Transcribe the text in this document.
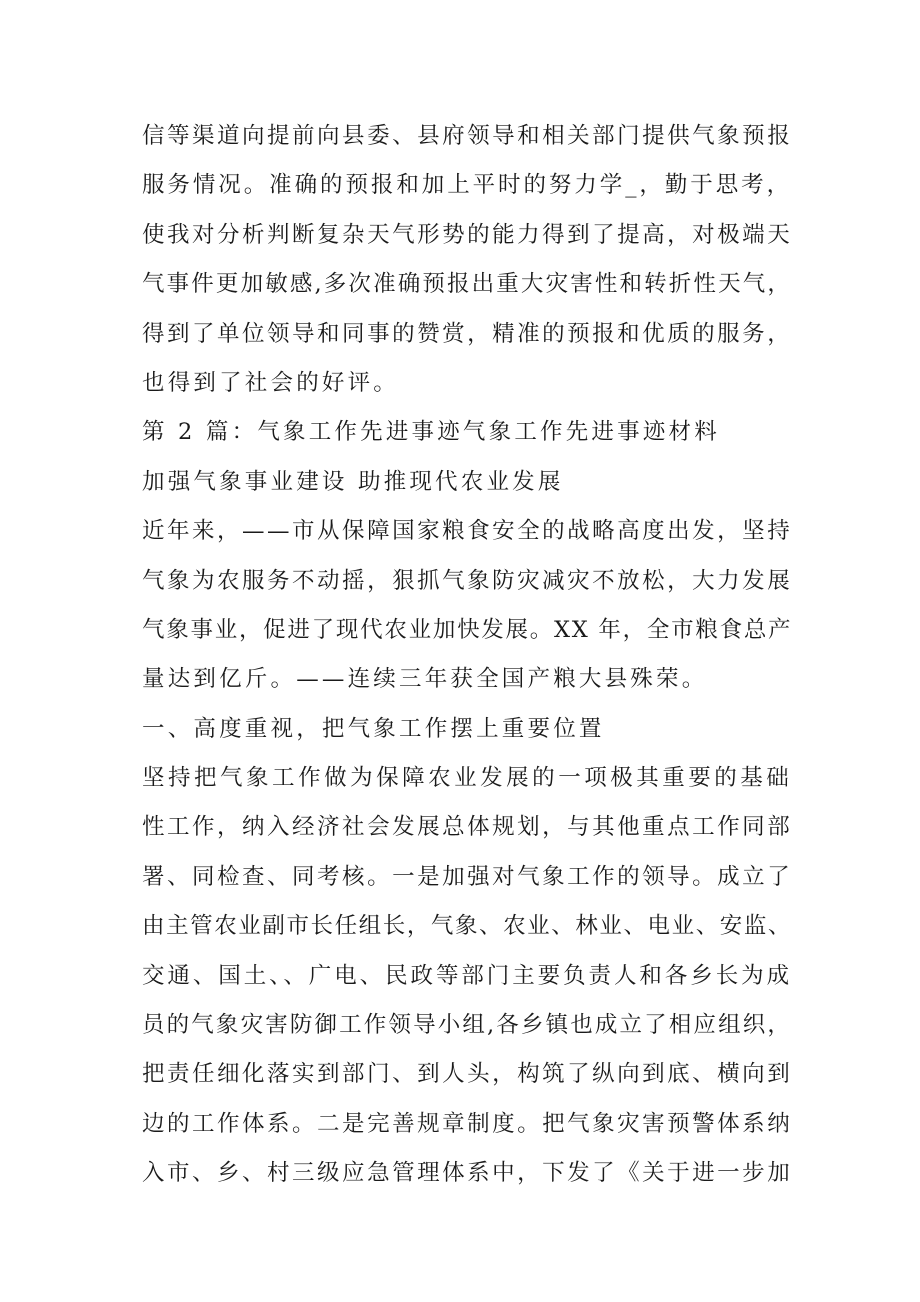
信等渠道向提前向县委、县府领导和相关部门提供气象预报
服务情况。准确的预报和加上平时的努力学_，勤于思考，
使我对分析判断复杂天气形势的能力得到了提高，对极端天
气事件更加敏感,多次准确预报出重大灾害性和转折性天气，
得到了单位领导和同事的赞赏，精准的预报和优质的服务，
也得到了社会的好评。
第 2 篇：气象工作先进事迹气象工作先进事迹材料
加强气象事业建设 助推现代农业发展
近年来，——市从保障国家粮食安全的战略高度出发，坚持
气象为农服务不动摇，狠抓气象防灾减灾不放松，大力发展
气象事业，促进了现代农业加快发展。XX 年，全市粮食总产
量达到亿斤。——连续三年获全国产粮大县殊荣。
一、高度重视，把气象工作摆上重要位置
坚持把气象工作做为保障农业发展的一项极其重要的基础
性工作，纳入经济社会发展总体规划，与其他重点工作同部
署、同检查、同考核。一是加强对气象工作的领导。成立了
由主管农业副市长任组长，气象、农业、林业、电业、安监、
交通、国土、、广电、民政等部门主要负责人和各乡长为成
员的气象灾害防御工作领导小组,各乡镇也成立了相应组织，
把责任细化落实到部门、到人头，构筑了纵向到底、横向到
边的工作体系。二是完善规章制度。把气象灾害预警体系纳
入市、乡、村三级应急管理体系中，下发了《关于进一步加
